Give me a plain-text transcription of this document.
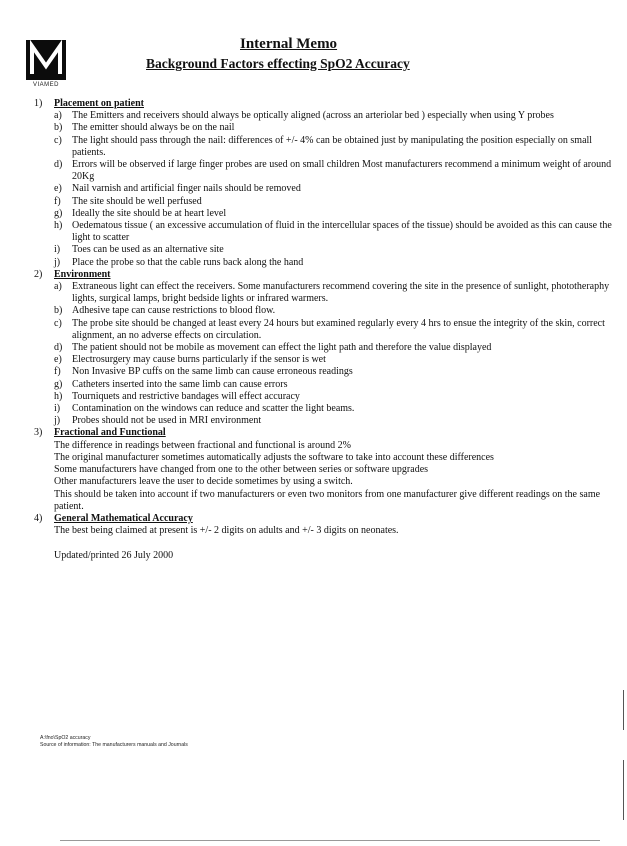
VIAMED
Internal Memo
Background Factors effecting SpO2 Accuracy
1)	Placement on patient
a)	The Emitters and receivers should always be optically aligned (across an arteriolar bed ) especially when using Y probes
b) The emitter should always be on the nail
c)	The light should pass through the nail: differences of +/- 4% can be obtained just by manipulating the position especially on small patients.
d) Errors will be observed if large finger probes are used on small children Most manufacturers recommend a minimum weight of around 20Kg
e)	Nail varnish and artificial finger nails should be removed
f)	The site should be well perfused
g) Ideally the site should be at heart level
h) Oedematous tissue ( an excessive accumulation of fluid in the intercellular spaces of the tissue) should be avoided as this can cause the light to scatter
i)	Toes can be used as an alternative site
j)	Place the probe so that the cable runs back along the hand
2)	Environment
a)	Extraneous light can effect the receivers. Some manufacturers recommend covering the site in the presence of sunlight, phototheraphy lights, surgical lamps, bright bedside lights or infrared warmers.
b) Adhesive tape can cause restrictions to blood flow.
c)	The probe site should be changed at least every 24 hours but examined regularly every 4 hrs to ensue the integrity of the skin, correct alignment, an no adverse effects on circulation.
d) The patient should not be mobile as movement can effect the light path and therefore the value displayed
e)	Electrosurgery may cause burns particularly if the sensor is wet
f)	Non Invasive BP cuffs on the same limb can cause erroneous readings
g) Catheters inserted into the same limb can cause errors
h) Tourniquets and restrictive bandages will effect accuracy
i)	Contamination on the windows can reduce and scatter the light beams.
j)	Probes should not be used in MRI environment
3)	Fractional and Functional
The difference in readings between fractional and functional is around 2%
The original manufacturer sometimes automatically adjusts the software to take into account these differences
Some manufacturers have changed from one to the other between series or software upgrades
Other manufacturers leave the user to decide sometimes by using a switch.
This should be taken into account if two manufacturers or even two monitors from one manufacturer give different readings on the same patient.
4)	General Mathematical Accuracy
The best being claimed at present is +/- 2 digits on adults and +/- 3 digits on neonates.
Updated/printed 26 July 2000
A:\fno\SpO2 accuracy
Source of information: The manufacturers manuals and Journals
